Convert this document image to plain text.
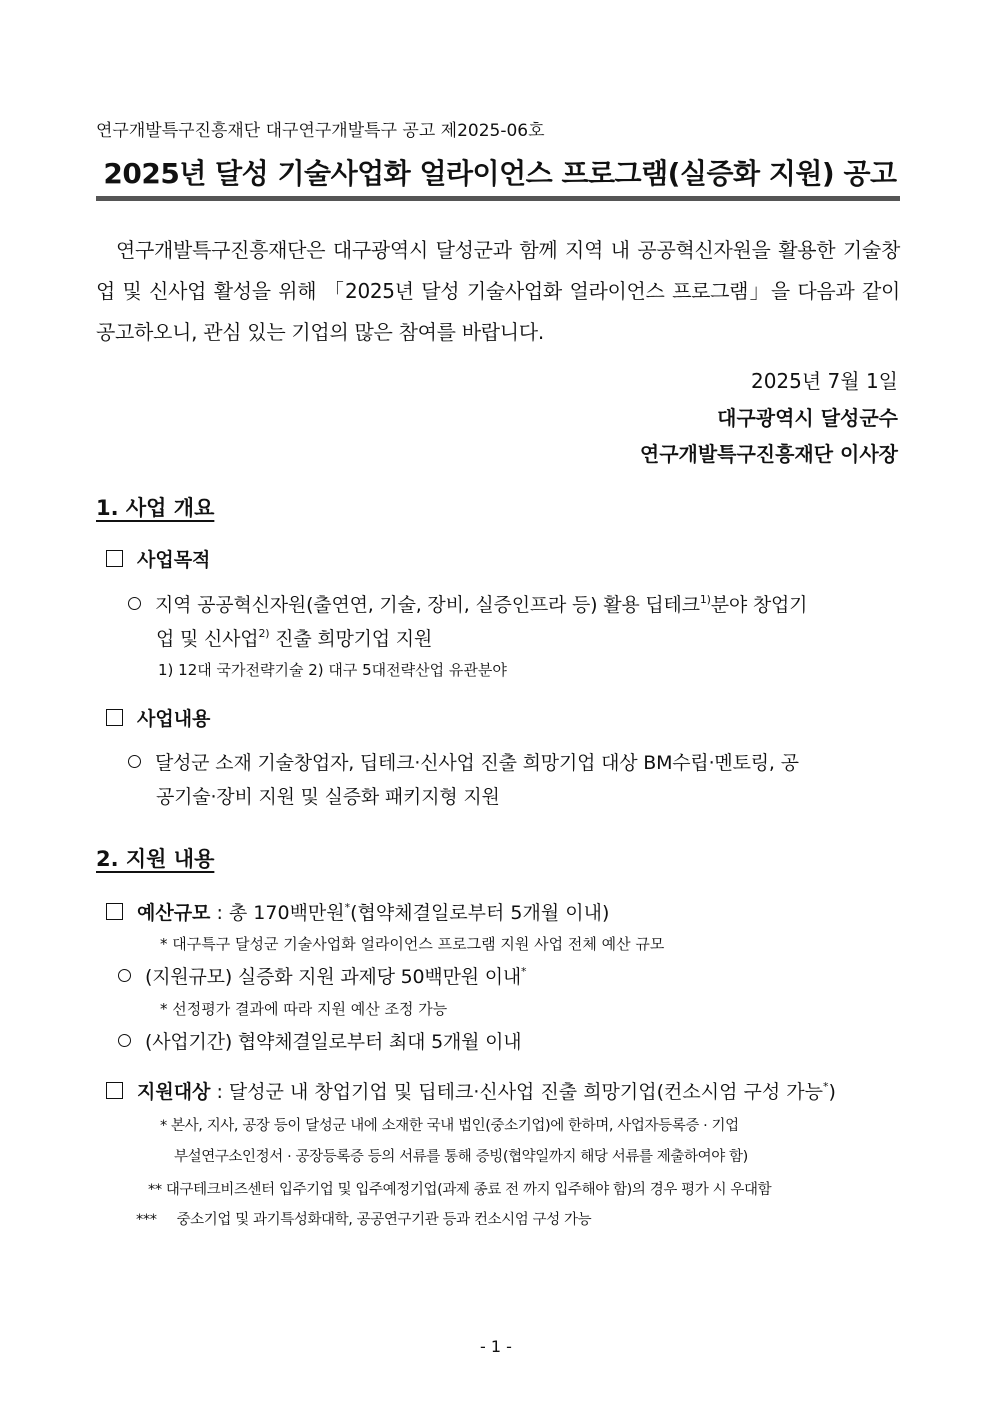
연구개발특구진흥재단 대구연구개발특구 공고 제2025-06호
2025년 달성 기술사업화 얼라이언스 프로그램(실증화 지원) 공고
연구개발특구진흥재단은 대구광역시 달성군과 함께 지역 내 공공혁신자원을 활용한 기술창업 및 신사업 활성을 위해 「2025년 달성 기술사업화 얼라이언스 프로그램」을 다음과 같이 공고하오니, 관심 있는 기업의 많은 참여를 바랍니다.
2025년 7월 1일
대구광역시 달성군수
연구개발특구진흥재단 이사장
1. 사업 개요
사업목적
지역 공공혁신자원(출연연, 기술, 장비, 실증인프라 등) 활용 딥테크$^{1)}$분야 창업기
업 및 신사업$^{2)}$ 진출 희망기업 지원
1) 12대 국가전략기술 2) 대구 5대전략산업 유관분야
사업내용
달성군 소재 기술창업자, 딥테크·신사업 진출 희망기업 대상 BM수립·멘토링, 공
공기술·장비 지원 및 실증화 패키지형 지원
2. 지원 내용
예산규모 : 총 170백만원*(협약체결일로부터 5개월 이내)
* 대구특구 달성군 기술사업화 얼라이언스 프로그램 지원 사업 전체 예산 규모
(지원규모) 실증화 지원 과제당 50백만원 이내*
* 선정평가 결과에 따라 지원 예산 조정 가능
(사업기간) 협약체결일로부터 최대 5개월 이내
지원대상 : 달성군 내 창업기업 및 딥테크·신사업 진출 희망기업(컨소시엄 구성 가능*)
* 본사, 지사, 공장 등이 달성군 내에 소재한 국내 법인(중소기업)에 한하며, 사업자등록증 · 기업
부설연구소인정서 · 공장등록증 등의 서류를 통해 증빙(협약일까지 해당 서류를 제출하여야 함)
** 대구테크비즈센터 입주기업 및 입주예정기업(과제 종료 전 까지 입주해야 함)의 경우 평가 시 우대함
*** 중소기업 및 과기특성화대학, 공공연구기관 등과 컨소시엄 구성 가능
- 1 -
